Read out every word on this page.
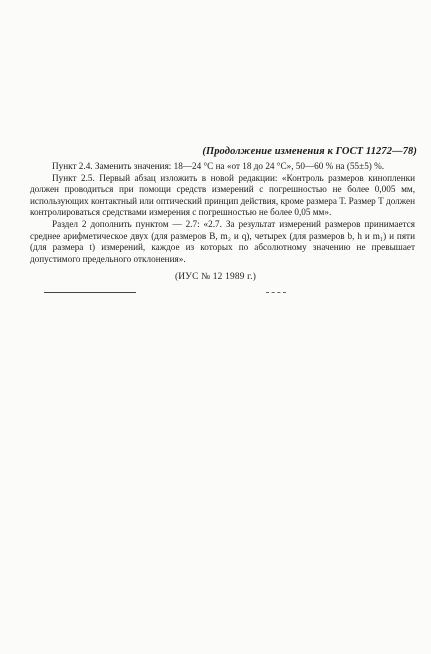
(Продолжение изменения к ГОСТ 11272—78)

Пункт 2.4. Заменить значения: 18—24 °С на «от 18 до 24 °С», 50—60 % на (55±5) %.

Пункт 2.5. Первый абзац изложить в новой редакции: «Контроль размеров кинопленки должен проводиться при помощи средств измерений с погрешностью не более 0,005 мм, использующих контактный или оптический принцип действия, кроме размера Т. Размер Т должен контролироваться средствами измерения с погрешностью не более 0,05 мм».

Раздел 2 дополнить пунктом — 2.7: «2.7. За результат измерений размеров принимается среднее арифметическое двух (для размеров B, m₂ и q), четырех (для размеров b, h и m₁) и пяти (для размера t) измерений, каждое из которых по абсолютному значению не превышает допустимого предельного отклонения».

(ИУС № 12 1989 г.)
